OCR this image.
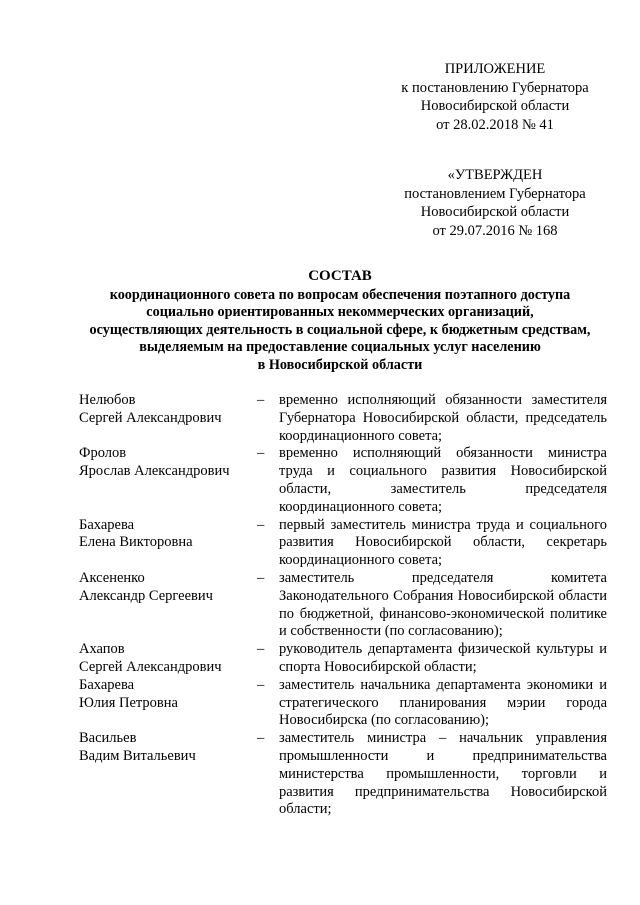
ПРИЛОЖЕНИЕ
к постановлению Губернатора
Новосибирской области
от 28.02.2018 № 41
«УТВЕРЖДЕН
постановлением Губернатора
Новосибирской области
от 29.07.2016 № 168
СОСТАВ
координационного совета по вопросам обеспечения поэтапного доступа
социально ориентированных некоммерческих организаций,
осуществляющих деятельность в социальной сфере, к бюджетным средствам,
выделяемым на предоставление социальных услуг населению
в Новосибирской области
Нелюбов
Сергей Александрович
–	временно исполняющий обязанности заместителя Губернатора Новосибирской области, председатель координационного совета;
Фролов
Ярослав Александрович
–	временно исполняющий обязанности министра труда и социального развития Новосибирской области, заместитель председателя координационного совета;
Бахарева
Елена Викторовна
–	первый заместитель министра труда и социального развития Новосибирской области, секретарь координационного совета;
Аксененко
Александр Сергеевич
–	заместитель председателя комитета Законодательного Собрания Новосибирской области по бюджетной, финансово-экономической политике и собственности (по согласованию);
Ахапов
Сергей Александрович
–	руководитель департамента физической культуры и спорта Новосибирской области;
Бахарева
Юлия Петровна
–	заместитель начальника департамента экономики и стратегического планирования мэрии города Новосибирска (по согласованию);
Васильев
Вадим Витальевич
–	заместитель министра – начальник управления промышленности и предпринимательства министерства промышленности, торговли и развития предпринимательства Новосибирской области;
